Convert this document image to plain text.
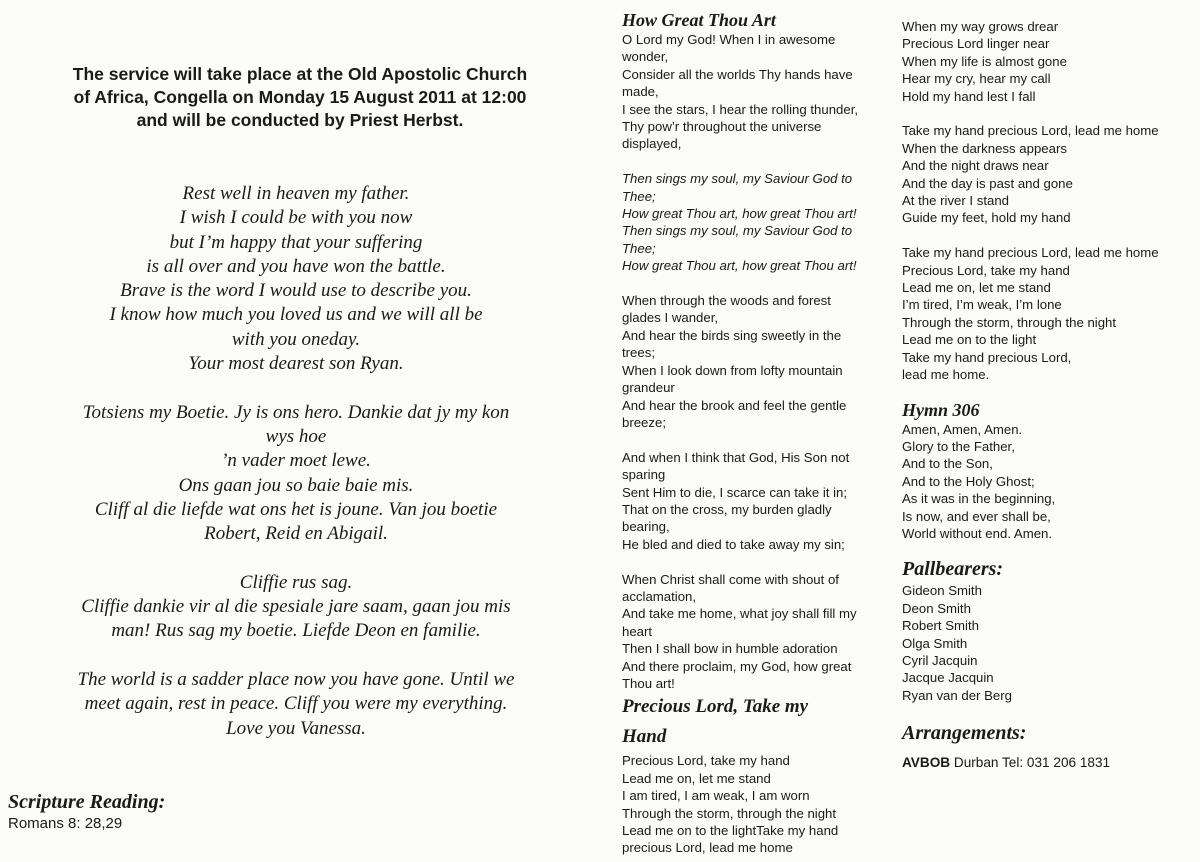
The service will take place at the Old Apostolic Church
of Africa, Congella on Monday 15 August 2011 at 12:00
and will be conducted by Priest Herbst.
Rest well in heaven my father.
I wish I could be with you now
but I’m happy that your suffering
is all over and you have won the battle.
Brave is the word I would use to describe you.
I know how much you loved us and we will all be
with you oneday.
Your most dearest son Ryan.
Totsiens my Boetie. Jy is ons hero. Dankie dat jy my kon
wys hoe
’n vader moet lewe.
Ons gaan jou so baie baie mis.
Cliff al die liefde wat ons het is joune. Van jou boetie
Robert, Reid en Abigail.
Cliffie rus sag.
Cliffie dankie vir al die spesiale jare saam, gaan jou mis
man! Rus sag my boetie. Liefde Deon en familie.
The world is a sadder place now you have gone. Until we
meet again, rest in peace. Cliff you were my everything.
Love you Vanessa.
Scripture Reading:
Romans 8: 28,29
How Great Thou Art
O Lord my God! When I in awesome
wonder,
Consider all the worlds Thy hands have
made,
I see the stars, I hear the rolling thunder,
Thy pow’r throughout the universe
displayed,
Then sings my soul, my Saviour God to
Thee;
How great Thou art, how great Thou art!
Then sings my soul, my Saviour God to
Thee;
How great Thou art, how great Thou art!
When through the woods and forest
glades I wander,
And hear the birds sing sweetly in the
trees;
When I look down from lofty mountain
grandeur
And hear the brook and feel the gentle
breeze;
And when I think that God, His Son not
sparing
Sent Him to die, I scarce can take it in;
That on the cross, my burden gladly
bearing,
He bled and died to take away my sin;
When Christ shall come with shout of
acclamation,
And take me home, what joy shall fill my
heart
Then I shall bow in humble adoration
And there proclaim, my God, how great
Thou art!
Precious Lord, Take my
Hand
Precious Lord, take my hand
Lead me on, let me stand
I am tired, I am weak, I am worn
Through the storm, through the night
Lead me on to the lightTake my hand
precious Lord, lead me home
When my way grows drear
Precious Lord linger near
When my life is almost gone
Hear my cry, hear my call
Hold my hand lest I fall
Take my hand precious Lord, lead me home
When the darkness appears
And the night draws near
And the day is past and gone
At the river I stand
Guide my feet, hold my hand
Take my hand precious Lord, lead me home
Precious Lord, take my hand
Lead me on, let me stand
I’m tired, I’m weak, I’m lone
Through the storm, through the night
Lead me on to the light
Take my hand precious Lord,
lead me home.
Hymn 306
Amen, Amen, Amen.
Glory to the Father,
And to the Son,
And to the Holy Ghost;
As it was in the beginning,
Is now, and ever shall be,
World without end. Amen.
Pallbearers:
Gideon Smith
Deon Smith
Robert Smith
Olga Smith
Cyril Jacquin
Jacque Jacquin
Ryan van der Berg
Arrangements:
AVBOB Durban Tel: 031 206 1831
